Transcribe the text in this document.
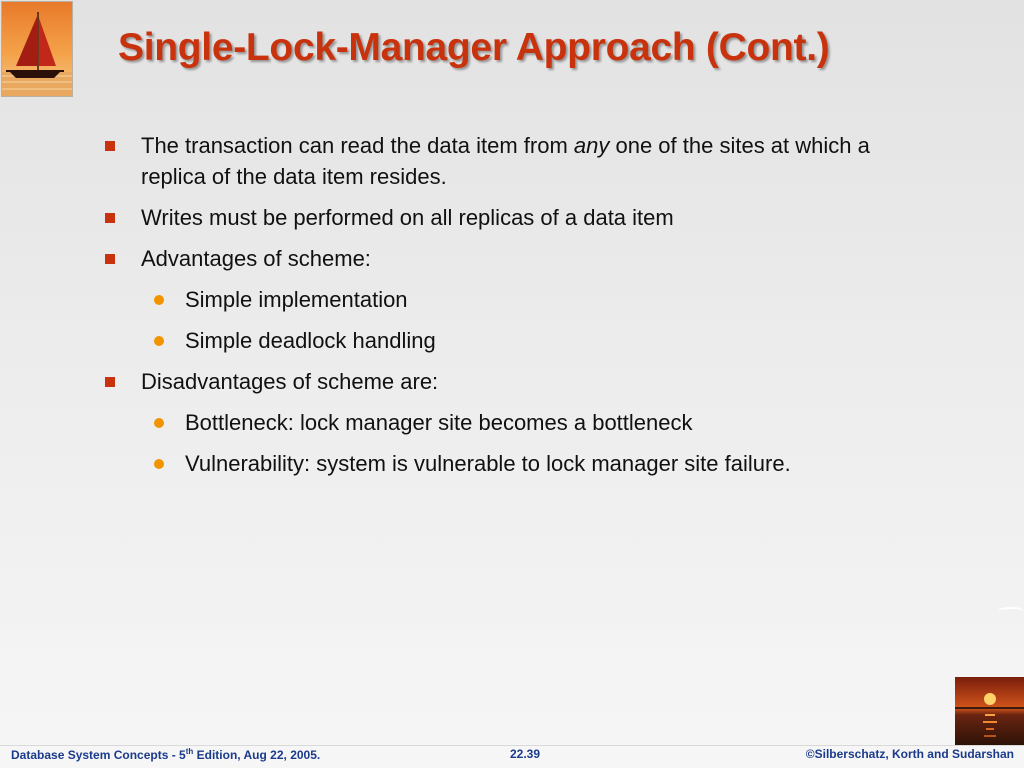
Single-Lock-Manager Approach (Cont.)
The transaction can read the data item from any one of the sites at which a replica of the data item resides.
Writes must be performed on all replicas of a data item
Advantages of scheme:
Simple implementation
Simple deadlock handling
Disadvantages of scheme are:
Bottleneck: lock manager site becomes a bottleneck
Vulnerability: system is vulnerable to lock manager site failure.
Database System Concepts - 5th Edition, Aug 22, 2005.	22.39	©Silberschatz, Korth and Sudarshan
